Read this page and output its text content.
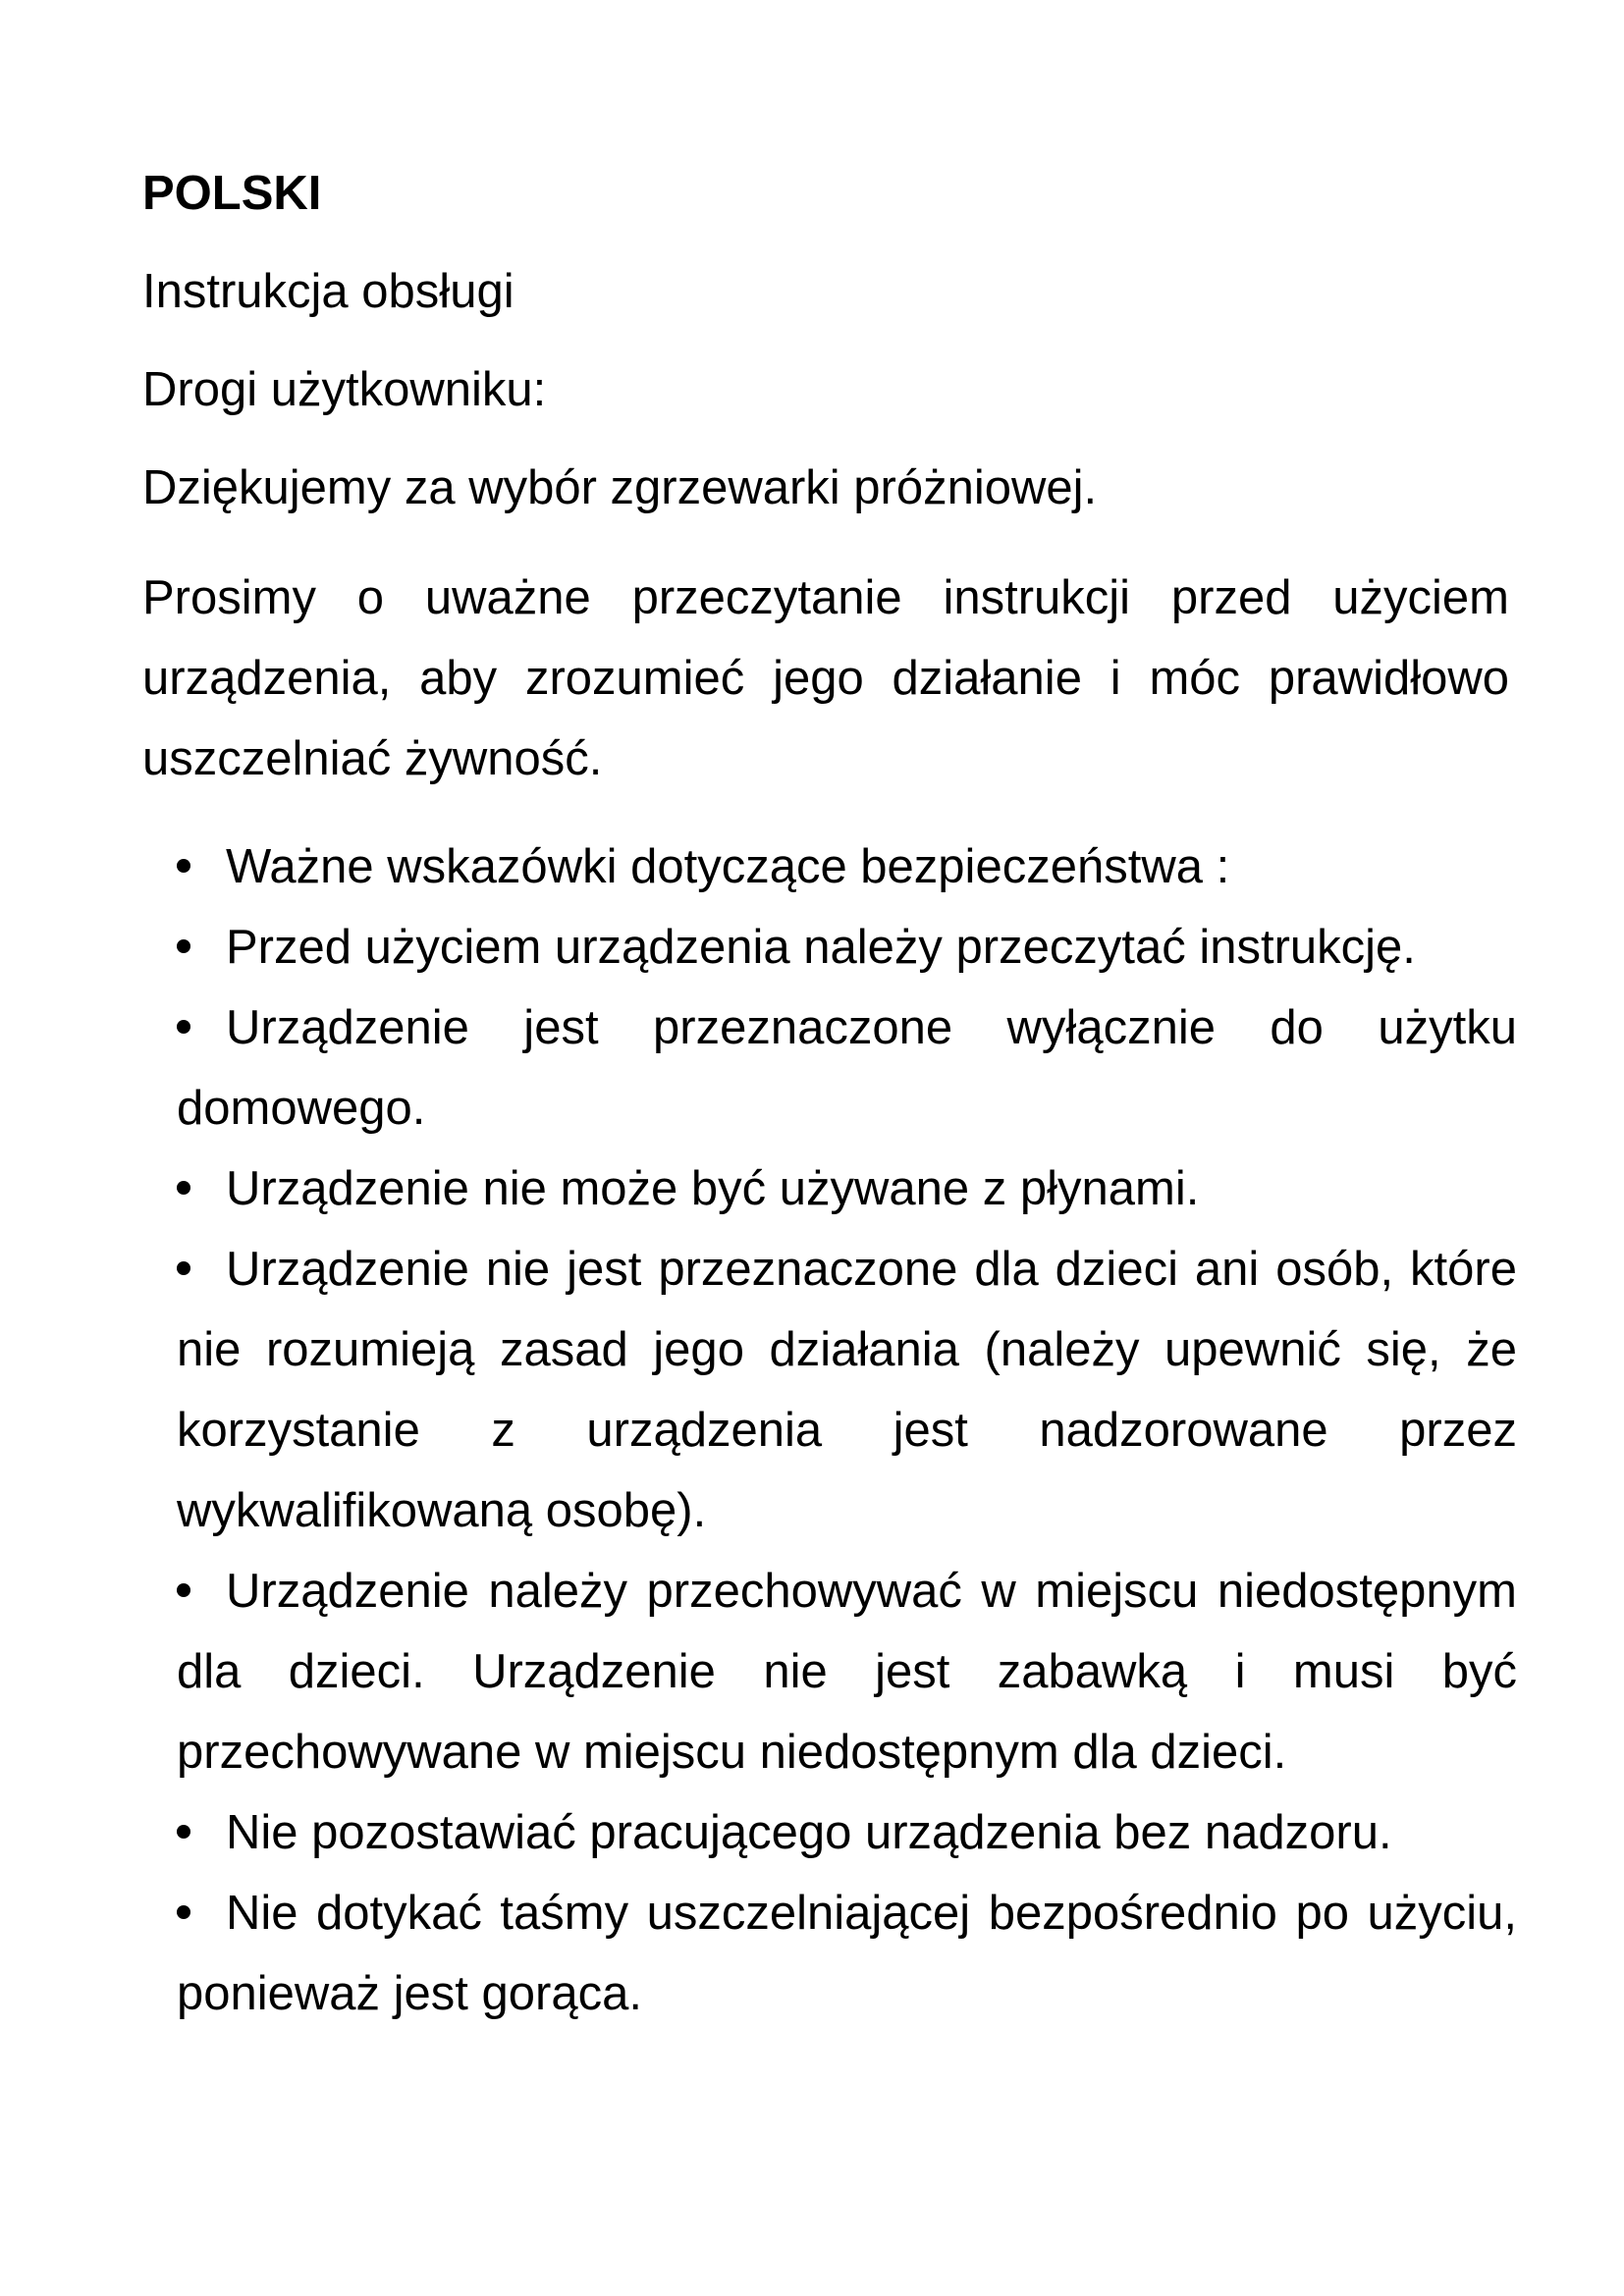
POLSKI
Instrukcja obsługi
Drogi użytkowniku:
Dziękujemy za wybór zgrzewarki próżniowej.
Prosimy o uważne przeczytanie instrukcji przed użyciem urządzenia, aby zrozumieć jego działanie i móc prawidłowo uszczelniać żywność.
Ważne wskazówki dotyczące bezpieczeństwa :
Przed użyciem urządzenia należy przeczytać instrukcję.
Urządzenie jest przeznaczone wyłącznie do użytku domowego.
Urządzenie nie może być używane z płynami.
Urządzenie nie jest przeznaczone dla dzieci ani osób, które nie rozumieją zasad jego działania (należy upewnić się, że korzystanie z urządzenia jest nadzorowane przez wykwalifikowaną osobę).
Urządzenie należy przechowywać w miejscu niedostępnym dla dzieci. Urządzenie nie jest zabawką i musi być przechowywane w miejscu niedostępnym dla dzieci.
Nie pozostawiać pracującego urządzenia bez nadzoru.
Nie dotykać taśmy uszczelniającej bezpośrednio po użyciu, ponieważ jest gorąca.
